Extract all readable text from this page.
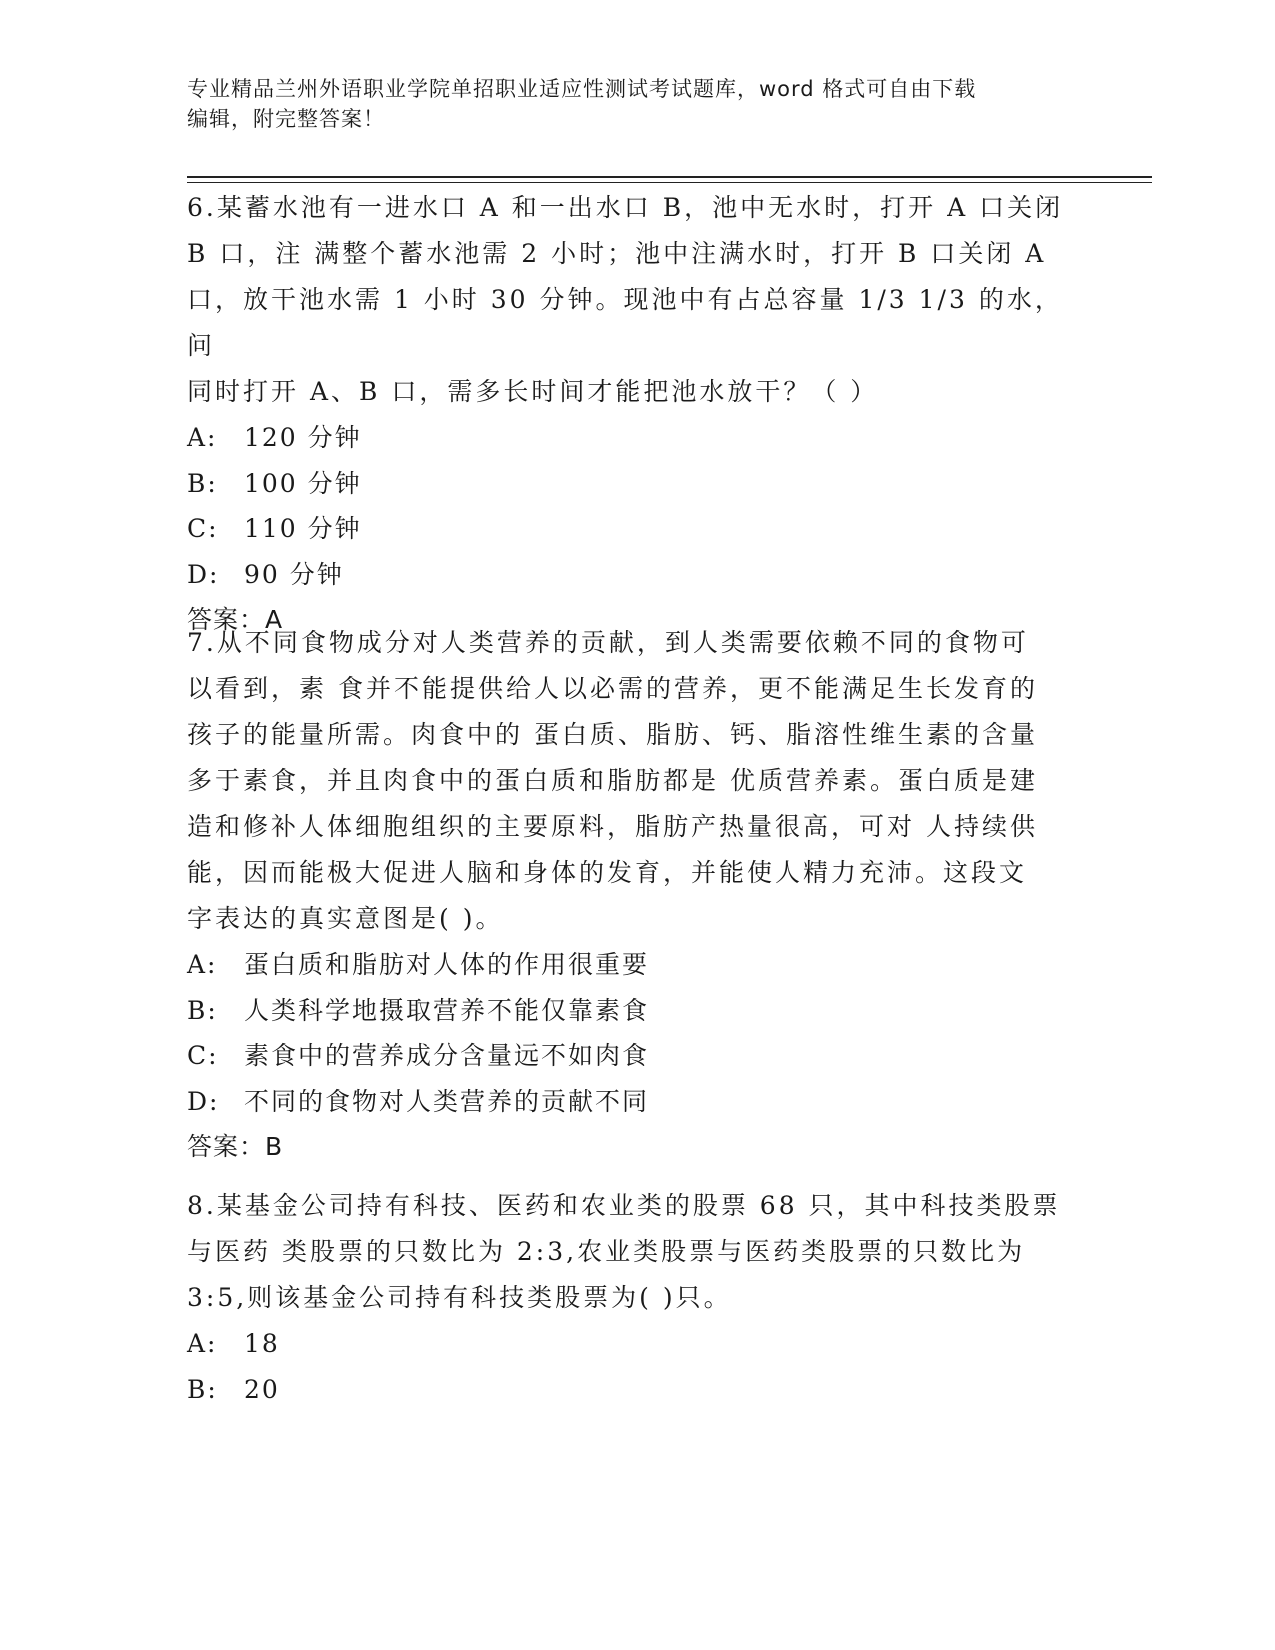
专业精品兰州外语职业学院单招职业适应性测试考试题库，word 格式可自由下载
编辑，附完整答案！
6.某蓄水池有一进水口 A 和一出水口 B，池中无水时，打开 A 口关闭
B 口，注 满整个蓄水池需 2 小时；池中注满水时，打开 B 口关闭 A
口，放干池水需 1 小时 30 分钟。现池中有占总容量 1/3 1/3 的水，问
同时打开 A、B 口，需多长时间才能把池水放干？（ ）
A:	120 分钟
B:	100 分钟
C:	110 分钟
D: 90 分钟
答案：A
7.从不同食物成分对人类营养的贡献，到人类需要依赖不同的食物可
以看到，素 食并不能提供给人以必需的营养，更不能满足生长发育的
孩子的能量所需。肉食中的 蛋白质、脂肪、钙、脂溶性维生素的含量
多于素食，并且肉食中的蛋白质和脂肪都是 优质营养素。蛋白质是建
造和修补人体细胞组织的主要原料，脂肪产热量很高，可对 人持续供
能，因而能极大促进人脑和身体的发育，并能使人精力充沛。这段文
字表达的真实意图是( )。
A:	蛋白质和脂肪对人体的作用很重要
B:	人类科学地摄取营养不能仅靠素食
C:	素食中的营养成分含量远不如肉食
D: 不同的食物对人类营养的贡献不同
答案：B
8.某基金公司持有科技、医药和农业类的股票 68 只，其中科技类股票
与医药 类股票的只数比为 2:3,农业类股票与医药类股票的只数比为
3:5,则该基金公司持有科技类股票为( )只。
A:	18
B:	20
